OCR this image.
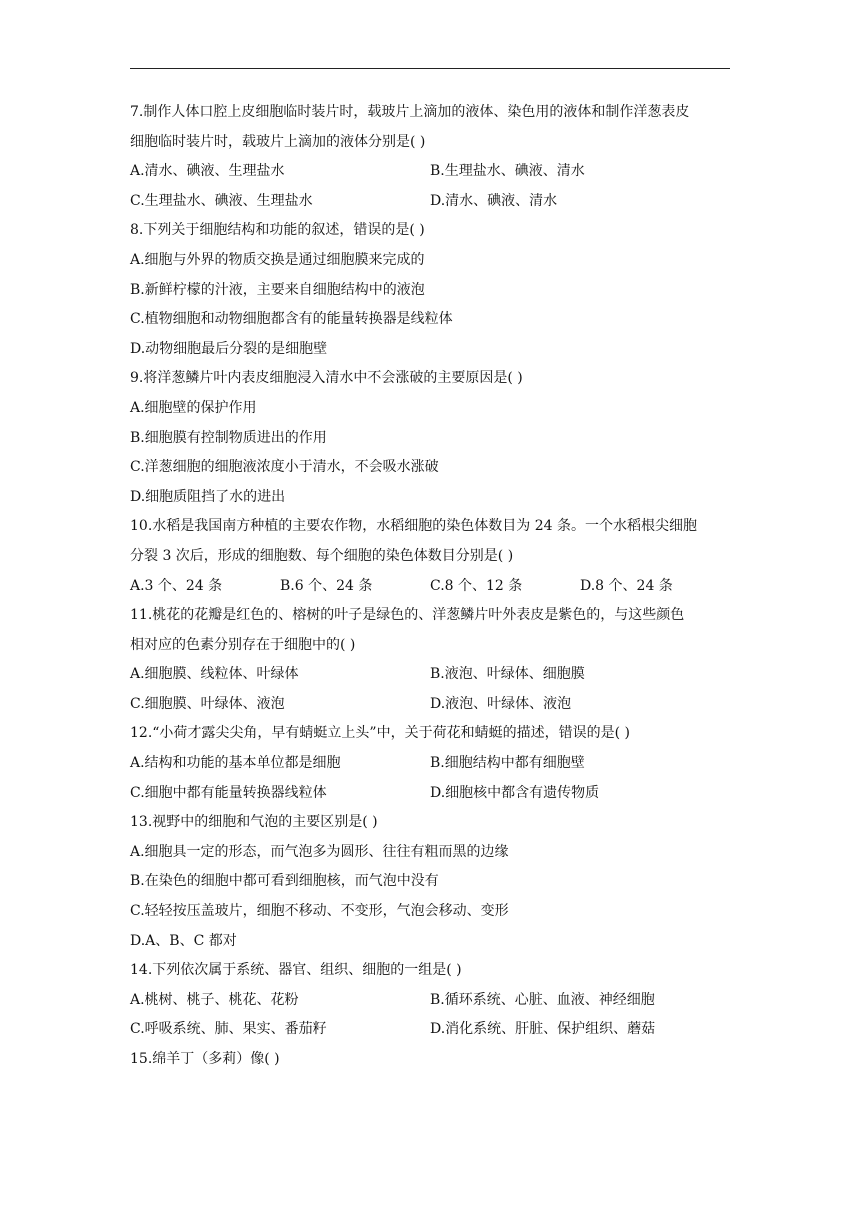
7.制作人体口腔上皮细胞临时装片时，载玻片上滴加的液体、染色用的液体和制作洋葱表皮
细胞临时装片时，载玻片上滴加的液体分别是( )
A.清水、碘液、生理盐水	B.生理盐水、碘液、清水
C.生理盐水、碘液、生理盐水	D.清水、碘液、清水
8.下列关于细胞结构和功能的叙述，错误的是( )
A.细胞与外界的物质交换是通过细胞膜来完成的
B.新鲜柠檬的汁液，主要来自细胞结构中的液泡
C.植物细胞和动物细胞都含有的能量转换器是线粒体
D.动物细胞最后分裂的是细胞壁
9.将洋葱鳞片叶内表皮细胞浸入清水中不会涨破的主要原因是( )
A.细胞壁的保护作用
B.细胞膜有控制物质进出的作用
C.洋葱细胞的细胞液浓度小于清水，不会吸水涨破
D.细胞质阻挡了水的进出
10.水稻是我国南方种植的主要农作物，水稻细胞的染色体数目为 24 条。一个水稻根尖细胞
分裂 3 次后，形成的细胞数、每个细胞的染色体数目分别是( )
A.3 个、24 条	B.6 个、24 条	C.8 个、12 条	D.8 个、24 条
11.桃花的花瓣是红色的、榕树的叶子是绿色的、洋葱鳞片叶外表皮是紫色的，与这些颜色
相对应的色素分别存在于细胞中的( )
A.细胞膜、线粒体、叶绿体	B.液泡、叶绿体、细胞膜
C.细胞膜、叶绿体、液泡	D.液泡、叶绿体、液泡
12.“小荷才露尖尖角，早有蜻蜓立上头”中，关于荷花和蜻蜓的描述，错误的是( )
A.结构和功能的基本单位都是细胞	B.细胞结构中都有细胞壁
C.细胞中都有能量转换器线粒体	D.细胞核中都含有遗传物质
13.视野中的细胞和气泡的主要区别是( )
A.细胞具一定的形态，而气泡多为圆形、往往有粗而黑的边缘
B.在染色的细胞中都可看到细胞核，而气泡中没有
C.轻轻按压盖玻片，细胞不移动、不变形，气泡会移动、变形
D.A、B、C 都对
14.下列依次属于系统、器官、组织、细胞的一组是( )
A.桃树、桃子、桃花、花粉	B.循环系统、心脏、血液、神经细胞
C.呼吸系统、肺、果实、番茄籽	D.消化系统、肝脏、保护组织、蘑菇
15.绵羊丁（多莉）像( )
